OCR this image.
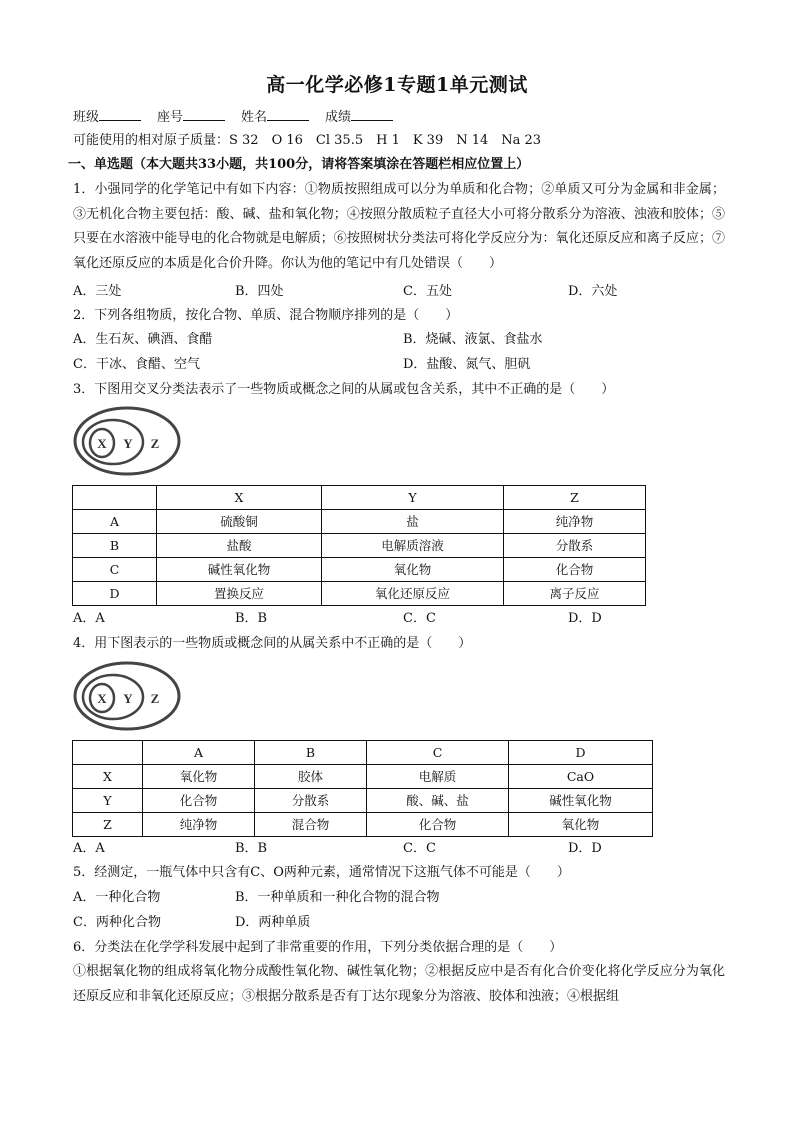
高一化学必修1专题1单元测试
班级	座号	姓名	成绩
可能使用的相对原子质量：S 32　O 16　Cl 35.5　H 1　K 39　N 14　Na 23
一、单选题（本大题共33小题，共100分，请将答案填涂在答题栏相应位置上）
1．小强同学的化学笔记中有如下内容：①物质按照组成可以分为单质和化合物；②单质又可分为金属和非金属；③无机化合物主要包括：酸、碱、盐和氧化物；④按照分散质粒子直径大小可将分散系分为溶液、浊液和胶体；⑤只要在水溶液中能导电的化合物就是电解质；⑥按照树状分类法可将化学反应分为：氧化还原反应和离子反应；⑦氧化还原反应的本质是化合价升降。你认为他的笔记中有几处错误（　　）
A．三处	B．四处	C．五处	D．六处
2．下列各组物质，按化合物、单质、混合物顺序排列的是（　　）
A．生石灰、碘酒、食醋	B．烧碱、液氯、食盐水
C．干冰、食醋、空气	D．盐酸、氮气、胆矾
3．下图用交叉分类法表示了一些物质或概念之间的从属或包含关系，其中不正确的是（　　）
X Y Z
	X	Y	Z
A	硫酸铜	盐	纯净物
B	盐酸	电解质溶液	分散系
C	碱性氧化物	氧化物	化合物
D	置换反应	氧化还原反应	离子反应
A．A	B．B	C．C	D．D
4．用下图表示的一些物质或概念间的从属关系中不正确的是（　　）
X Y Z
	A	B	C	D
X	氧化物	胶体	电解质	CaO
Y	化合物	分散系	酸、碱、盐	碱性氧化物
Z	纯净物	混合物	化合物	氧化物
A．A	B．B	C．C	D．D
5．经测定，一瓶气体中只含有C、O两种元素，通常情况下这瓶气体不可能是（　　）
A．一种化合物	B．一种单质和一种化合物的混合物
C．两种化合物	D．两种单质
6．分类法在化学学科发展中起到了非常重要的作用，下列分类依据合理的是（　　）
①根据氧化物的组成将氧化物分成酸性氧化物、碱性氧化物；②根据反应中是否有化合价变化将化学反应分为氧化还原反应和非氧化还原反应；③根据分散系是否有丁达尔现象分为溶液、胶体和浊液；④根据组
